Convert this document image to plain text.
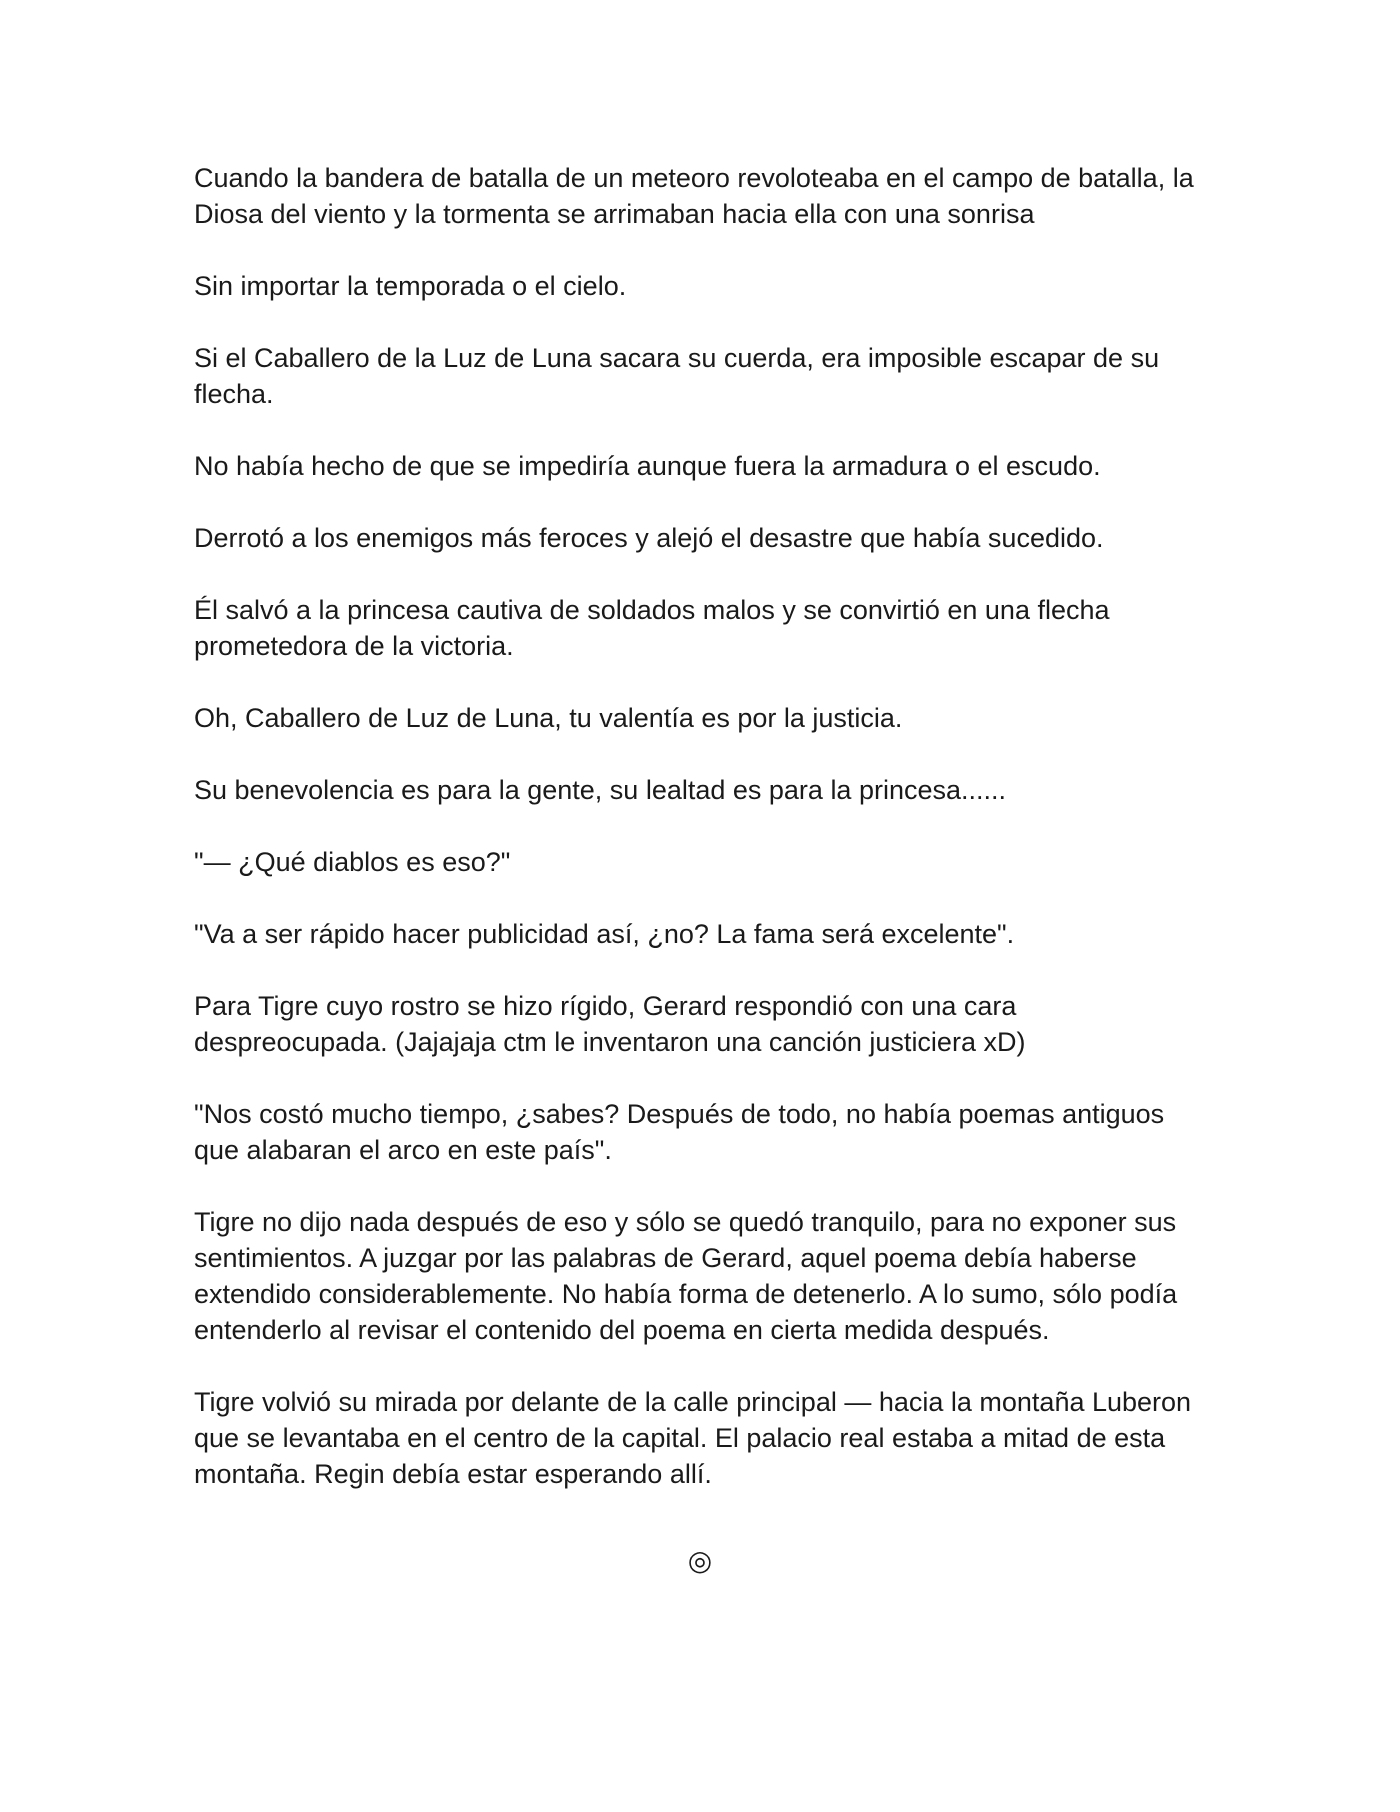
Cuando la bandera de batalla de un meteoro revoloteaba en el campo de batalla, la Diosa del viento y la tormenta se arrimaban hacia ella con una sonrisa

Sin importar la temporada o el cielo.

Si el Caballero de la Luz de Luna sacara su cuerda, era imposible escapar de su flecha.

No había hecho de que se impediría aunque fuera la armadura o el escudo.

Derrotó a los enemigos más feroces y alejó el desastre que había sucedido.

Él salvó a la princesa cautiva de soldados malos y se convirtió en una flecha prometedora de la victoria.

Oh, Caballero de Luz de Luna, tu valentía es por la justicia.

Su benevolencia es para la gente, su lealtad es para la princesa......

"— ¿Qué diablos es eso?"

"Va a ser rápido hacer publicidad así, ¿no? La fama será excelente".

Para Tigre cuyo rostro se hizo rígido, Gerard respondió con una cara despreocupada. (Jajajaja ctm le inventaron una canción justiciera xD)

"Nos costó mucho tiempo, ¿sabes? Después de todo, no había poemas antiguos que alabaran el arco en este país".

Tigre no dijo nada después de eso y sólo se quedó tranquilo, para no exponer sus sentimientos. A juzgar por las palabras de Gerard, aquel poema debía haberse extendido considerablemente. No había forma de detenerlo. A lo sumo, sólo podía entenderlo al revisar el contenido del poema en cierta medida después.

Tigre volvió su mirada por delante de la calle principal — hacia la montaña Luberon que se levantaba en el centro de la capital. El palacio real estaba a mitad de esta montaña. Regin debía estar esperando allí.

◎
